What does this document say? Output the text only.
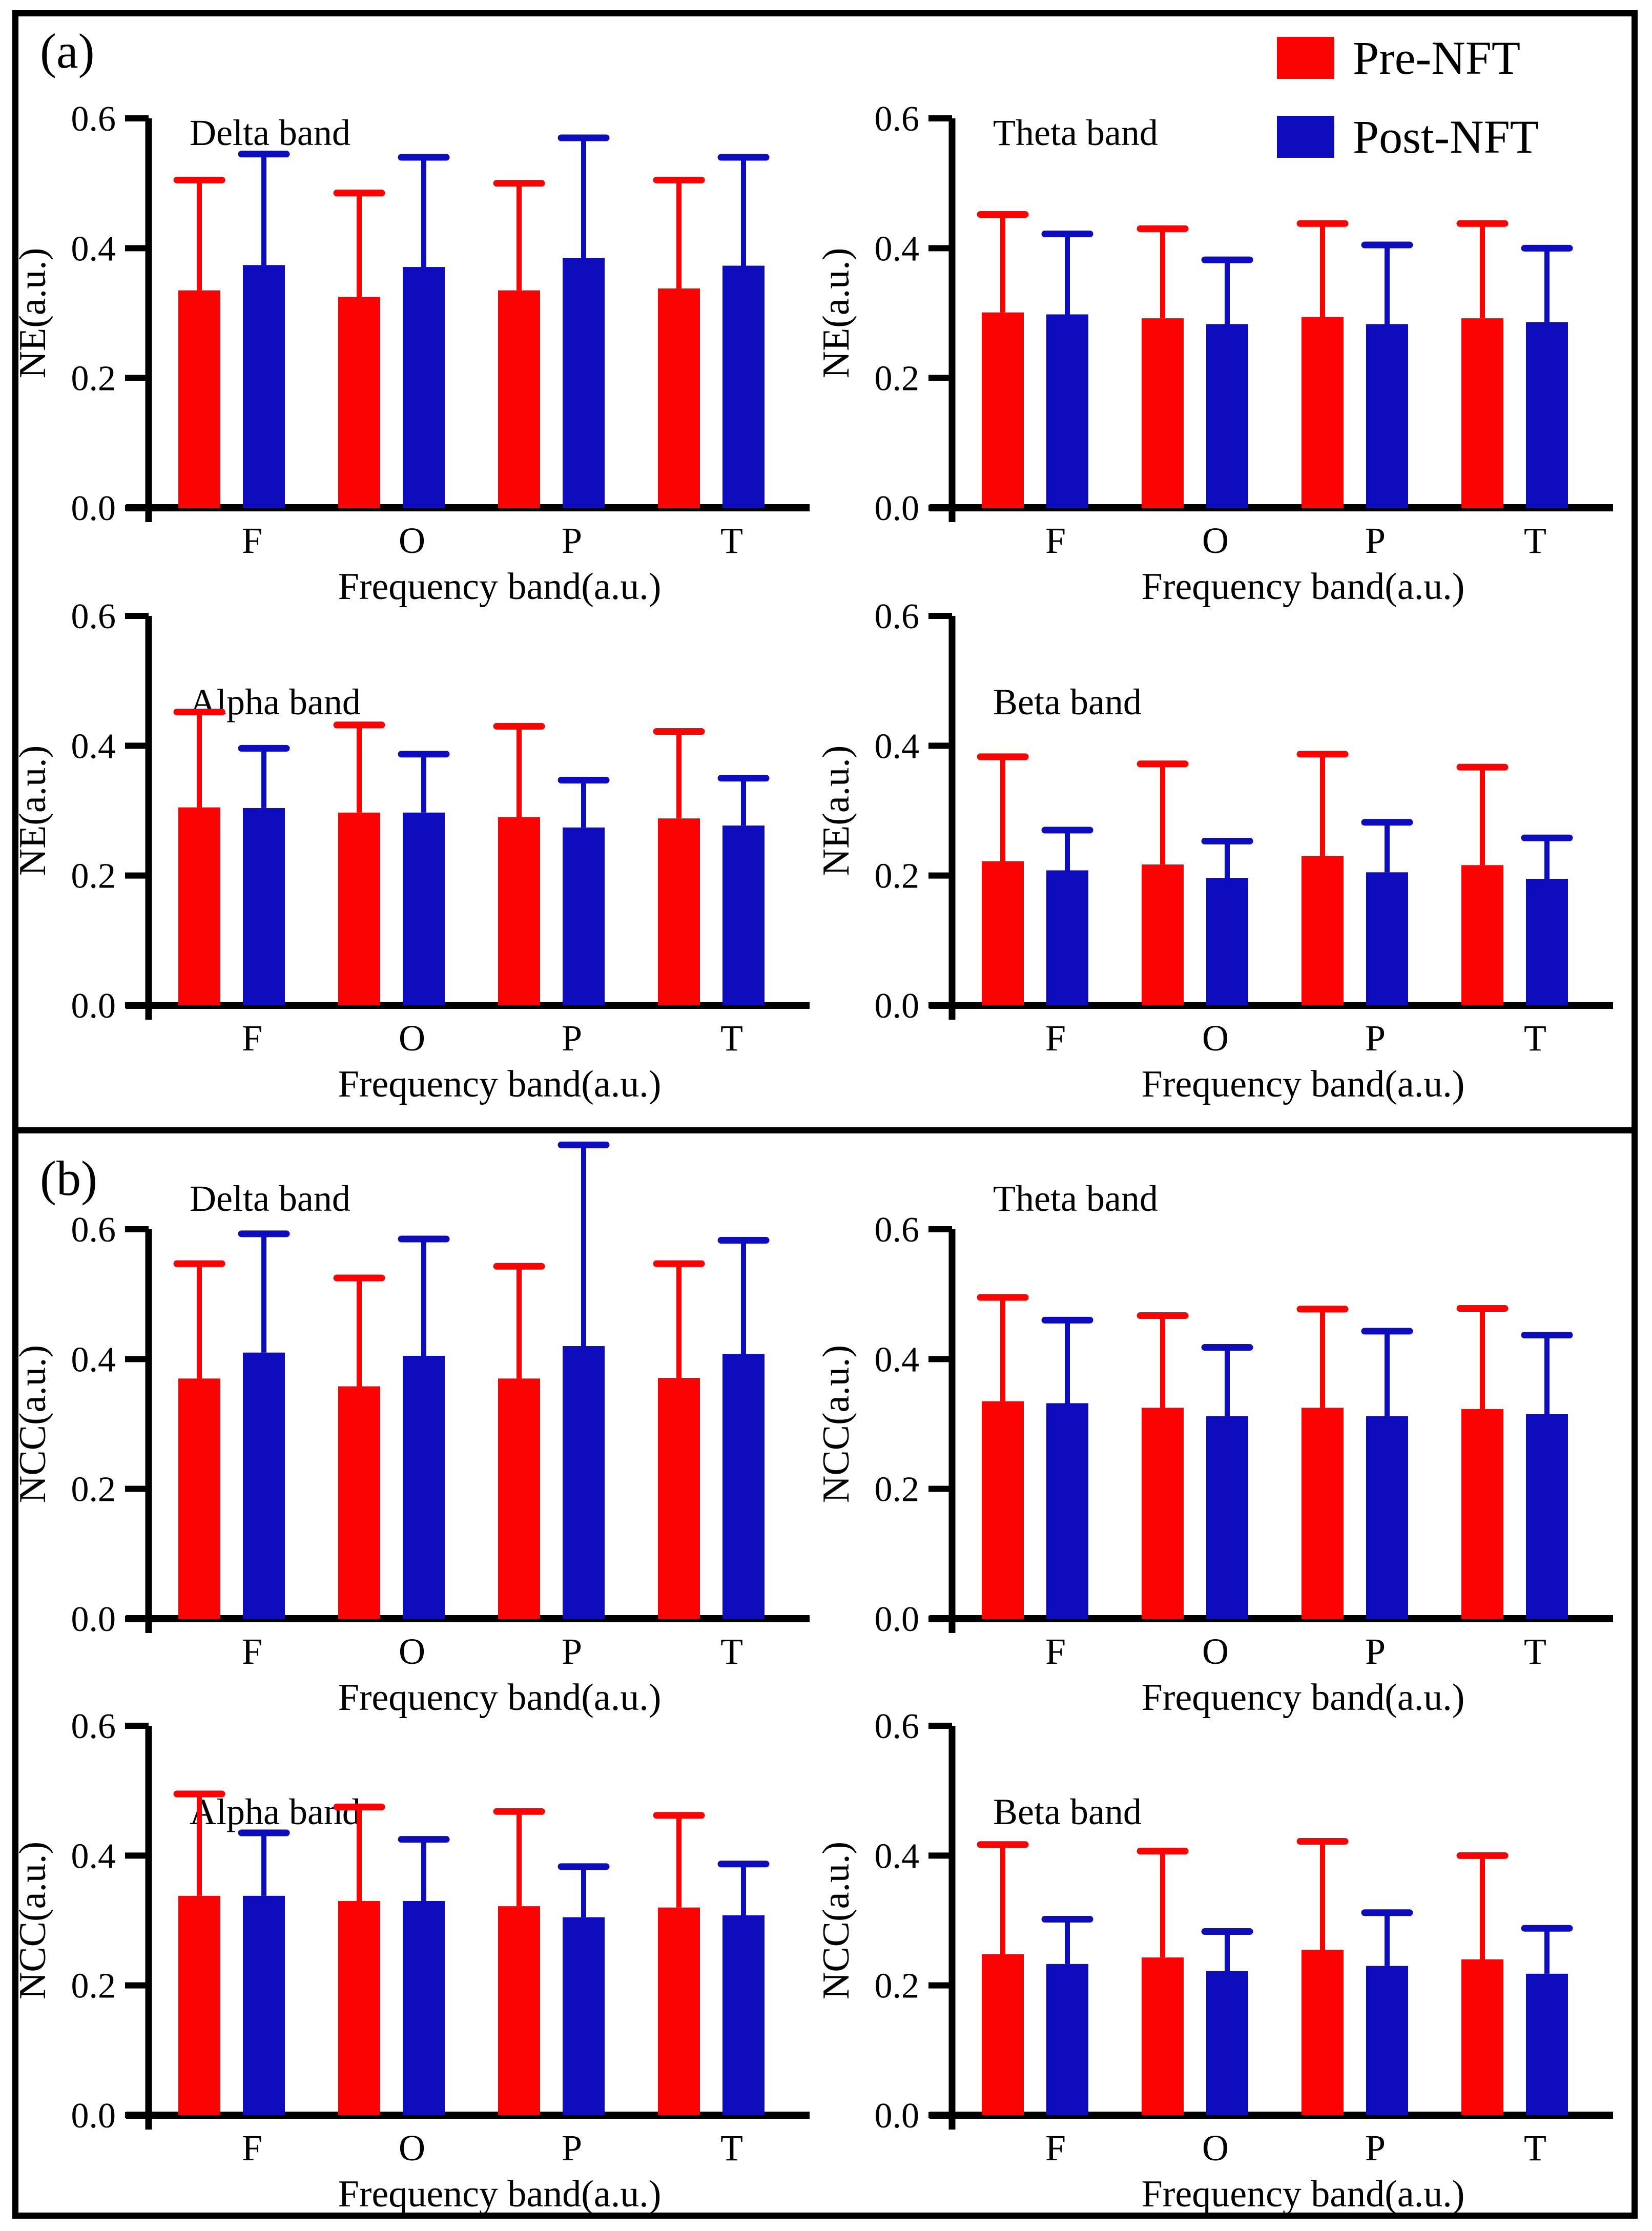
(a)
(b)
0.0
0.2
0.4
0.6
NE(a.u.)
Delta band
F	O	P	T
Frequency band(a.u.)
0.0
0.2
0.4
0.6
NE(a.u.)
Theta band
F	O	P	T
Frequency band(a.u.)
0.0
0.2
0.4
0.6
NE(a.u.)
Alpha band
F	O	P	T
Frequency band(a.u.)
0.0
0.2
0.4
0.6
NE(a.u.)
Beta band
F	O	P	T
Frequency band(a.u.)
0.0
0.2
0.4
0.6
NCC(a.u.)
Delta band
F	O	P	T
Frequency band(a.u.)
0.0
0.2
0.4
0.6
NCC(a.u.)
Theta band
F	O	P	T
Frequency band(a.u.)
0.0
0.2
0.4
0.6
NCC(a.u.)
Alpha band
F	O	P	T
Frequency band(a.u.)
0.0
0.2
0.4
0.6
NCC(a.u.)
Beta band
F	O	P	T
Frequency band(a.u.)
Pre-NFT
Post-NFT
